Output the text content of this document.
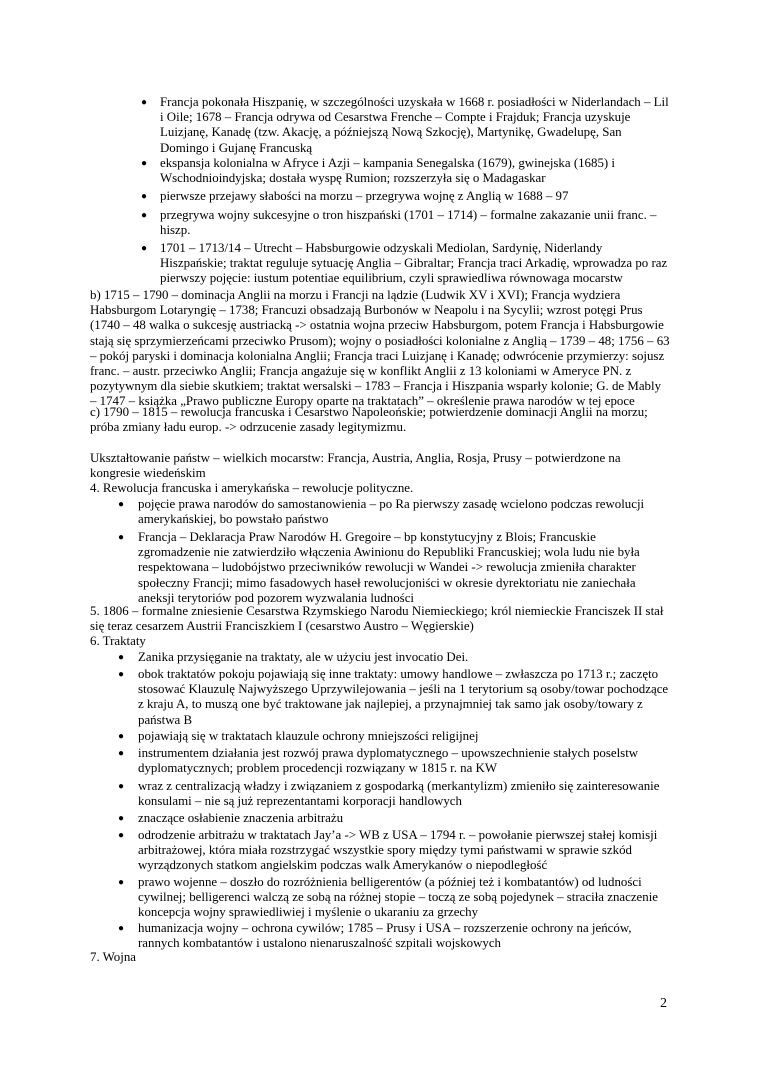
●	Francja pokonała Hiszpanię, w szczególności uzyskała w 1668 r. posiadłości w Niderlandach – Lil i Oile; 1678 – Francja odrywa od Cesarstwa Frenche – Compte i Frajduk; Francja uzyskuje Luizjanę, Kanadę (tzw. Akację, a późniejszą Nową Szkocję), Martynikę, Gwadelupę, San Domingo i Gujanę Francuską
●	ekspansja kolonialna w Afryce i Azji – kampania Senegalska (1679), gwinejska (1685) i Wschodnioindyjska; dostała wyspę Rumion; rozszerzyła się o Madagaskar
●	pierwsze przejawy słabości na morzu – przegrywa wojnę z Anglią w 1688 – 97
●	przegrywa wojny sukcesyjne o tron hiszpański (1701 – 1714) – formalne zakazanie unii franc. – hiszp.
●	1701 – 1713/14 – Utrecht – Habsburgowie odzyskali Mediolan, Sardynię, Niderlandy Hiszpańskie; traktat reguluje sytuację Anglia – Gibraltar; Francja traci Arkadię, wprowadza po raz pierwszy pojęcie: iustum potentiae equilibrium, czyli sprawiedliwa równowaga mocarstw
b) 1715 – 1790 – dominacja Anglii na morzu i Francji na lądzie (Ludwik XV i XVI); Francja wydziera Habsburgom Lotaryngię – 1738; Francuzi obsadzają Burbonów w Neapolu i na Sycylii; wzrost potęgi Prus (1740 – 48 walka o sukcesję austriacką -> ostatnia wojna przeciw Habsburgom, potem Francja i Habsburgowie stają się sprzymierzeńcami przeciwko Prusom); wojny o posiadłości kolonialne z Anglią – 1739 – 48; 1756 – 63 – pokój paryski i dominacja kolonialna Anglii; Francja traci Luizjanę i Kanadę; odwrócenie przymierzy: sojusz franc. – austr. przeciwko Anglii; Francja angażuje się w konflikt Anglii z 13 koloniami w Ameryce PN. z pozytywnym dla siebie skutkiem; traktat wersalski – 1783 – Francja i Hiszpania wsparły kolonie; G. de Mably – 1747 – książka „Prawo publiczne Europy oparte na traktatach” – określenie prawa narodów w tej epoce
c) 1790 – 1815 – rewolucja francuska i Cesarstwo Napoleońskie; potwierdzenie dominacji Anglii na morzu; próba zmiany ładu europ. -> odrzucenie zasady legitymizmu.
Ukształtowanie państw – wielkich mocarstw: Francja, Austria, Anglia, Rosja, Prusy – potwierdzone na kongresie wiedeńskim
4. Rewolucja francuska i amerykańska – rewolucje polityczne.
●	pojęcie prawa narodów do samostanowienia – po Ra pierwszy zasadę wcielono podczas rewolucji amerykańskiej, bo powstało państwo
●	Francja – Deklaracja Praw Narodów H. Gregoire – bp konstytucyjny z Blois; Francuskie zgromadzenie nie zatwierdziło włączenia Awinionu do Republiki Francuskiej; wola ludu nie była respektowana – ludobójstwo przeciwników rewolucji w Wandei -> rewolucja zmieniła charakter społeczny Francji; mimo fasadowych haseł rewolucjoniści w okresie dyrektoriatu nie zaniechała aneksji terytoriów pod pozorem wyzwalania ludności
5. 1806 – formalne zniesienie Cesarstwa Rzymskiego Narodu Niemieckiego; król niemieckie Franciszek II stał się teraz cesarzem Austrii Franciszkiem I (cesarstwo Austro – Węgierskie)
6. Traktaty
●	Zanika przysięganie na traktaty, ale w użyciu jest invocatio Dei.
●	obok traktatów pokoju pojawiają się inne traktaty: umowy handlowe – zwłaszcza po 1713 r.; zaczęto stosować Klauzulę Najwyższego Uprzywilejowania – jeśli na 1 terytorium są osoby/towar pochodzące z kraju A, to muszą one być traktowane jak najlepiej, a przynajmniej tak samo jak osoby/towary z państwa B
●	pojawiają się w traktatach klauzule ochrony mniejszości religijnej
●	instrumentem działania jest rozwój prawa dyplomatycznego – upowszechnienie stałych poselstw dyplomatycznych; problem procedencji rozwiązany w 1815 r. na KW
●	wraz z centralizacją władzy i związaniem z gospodarką (merkantylizm) zmieniło się zainteresowanie konsulami – nie są już reprezentantami korporacji handlowych
●	znaczące osłabienie znaczenia arbitrażu
●	odrodzenie arbitrażu w traktatach Jay’a -> WB z USA – 1794 r. – powołanie pierwszej stałej komisji arbitrażowej, która miała rozstrzygać wszystkie spory między tymi państwami w sprawie szkód wyrządzonych statkom angielskim podczas walk Amerykanów o niepodległość
●	prawo wojenne – doszło do rozróżnienia belligerentów (a później też i kombatantów) od ludności cywilnej; belligerenci walczą ze sobą na różnej stopie – toczą ze sobą pojedynek – straciła znaczenie koncepcja wojny sprawiedliwiej i myślenie o ukaraniu za grzechy
●	humanizacja wojny – ochrona cywilów; 1785 – Prusy i USA – rozszerzenie ochrony na jeńców, rannych kombatantów i ustalono nienaruszalność szpitali wojskowych
7. Wojna
2
